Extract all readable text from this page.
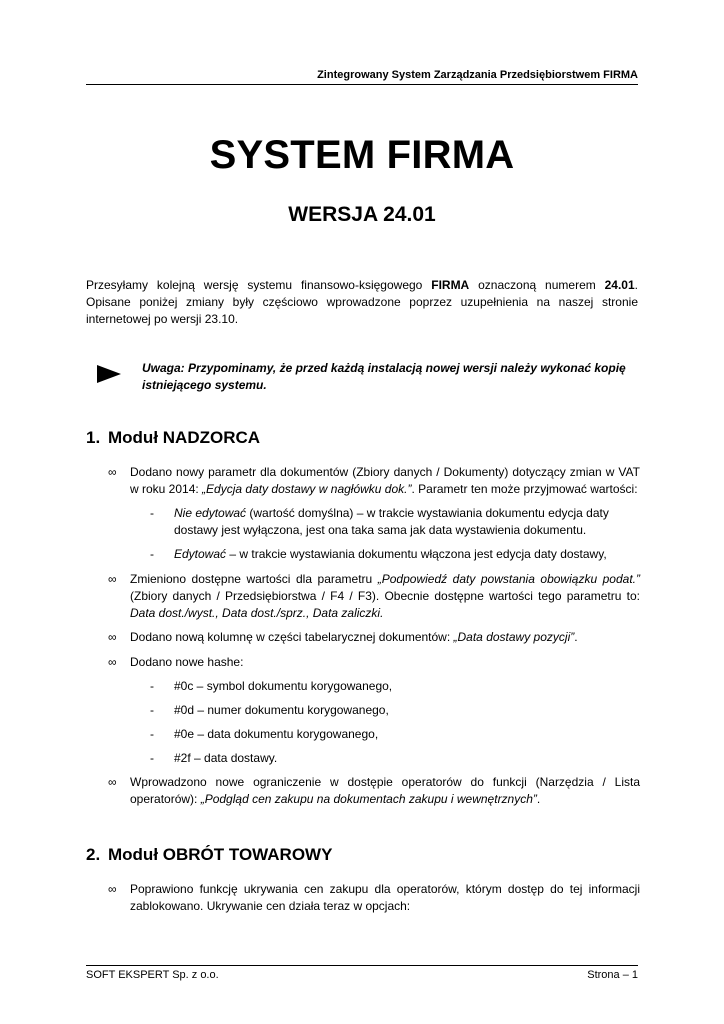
Zintegrowany System Zarządzania Przedsiębiorstwem FIRMA
SYSTEM FIRMA
WERSJA 24.01

Przesyłamy kolejną wersję systemu finansowo-księgowego FIRMA oznaczoną numerem 24.01. Opisane poniżej zmiany były częściowo wprowadzone poprzez uzupełnienia na naszej stronie internetowej po wersji 23.10.

Uwaga: Przypominamy, że przed każdą instalacją nowej wersji należy wykonać kopię istniejącego systemu.

1. Moduł NADZORCA
∞ Dodano nowy parametr dla dokumentów (Zbiory danych / Dokumenty) dotyczący zmian w VAT w roku 2014: „Edycja daty dostawy w nagłówku dok.”. Parametr ten może przyjmować wartości:
- Nie edytować (wartość domyślna) – w trakcie wystawiania dokumentu edycja daty dostawy jest wyłączona, jest ona taka sama jak data wystawienia dokumentu.
- Edytować – w trakcie wystawiania dokumentu włączona jest edycja daty dostawy,
∞ Zmieniono dostępne wartości dla parametru „Podpowiedź daty powstania obowiązku podat.” (Zbiory danych / Przedsiębiorstwa / F4 / F3). Obecnie dostępne wartości tego parametru to: Data dost./wyst., Data dost./sprz., Data zaliczki.
∞ Dodano nową kolumnę w części tabelarycznej dokumentów: „Data dostawy pozycji”.
∞ Dodano nowe hashe:
- #0c – symbol dokumentu korygowanego,
- #0d – numer dokumentu korygowanego,
- #0e – data dokumentu korygowanego,
- #2f – data dostawy.
∞ Wprowadzono nowe ograniczenie w dostępie operatorów do funkcji (Narzędzia / Lista operatorów): „Podgląd cen zakupu na dokumentach zakupu i wewnętrznych”.
2. Moduł OBRÓT TOWAROWY
∞ Poprawiono funkcję ukrywania cen zakupu dla operatorów, którym dostęp do tej informacji zablokowano. Ukrywanie cen działa teraz w opcjach:
SOFT EKSPERT Sp. z o.o.	Strona – 1
